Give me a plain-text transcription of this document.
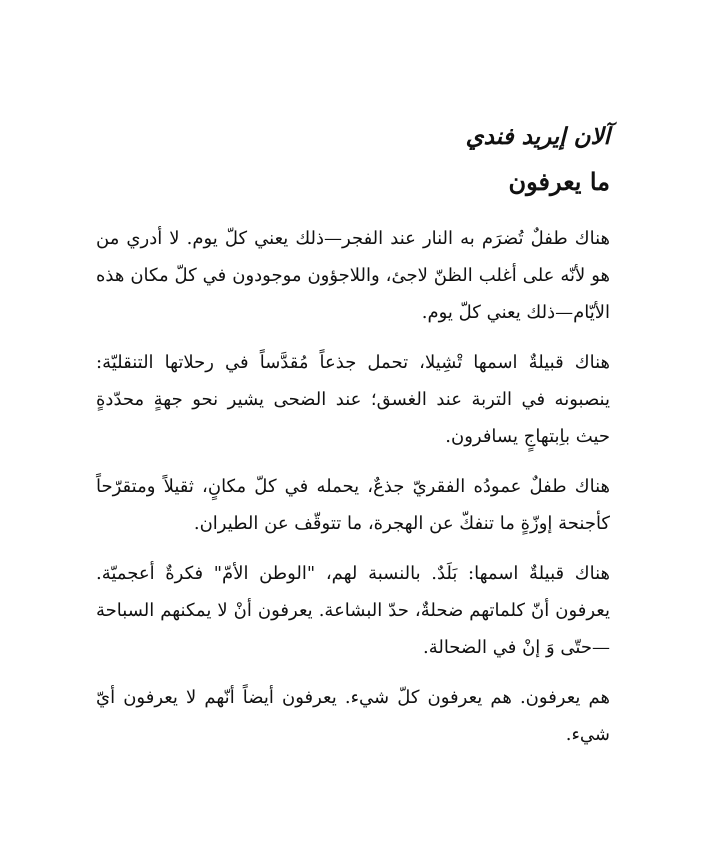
آلان إيريد فندي
ما يعرفون

هناك طفلٌ تُضرَم به النار عند الفجر—ذلك يعني كلّ يوم. لا أدري من هو لأنّه على أغلب الظنّ لاجئ، واللاجؤون موجودون في كلّ مكان هذه الأيّام—ذلك يعني كلّ يوم.

هناك قبيلةٌ اسمها تْشِيلا، تحمل جذعاً مُقدَّساً في رحلاتها التنقليّة: ينصبونه في التربة عند الغسق؛ عند الضحى يشير نحو جهةٍ محدّدةٍ حيث باِبتهاجٍ يسافرون.

هناك طفلٌ عمودُه الفقريّ جذعٌ، يحمله في كلّ مكانٍ، ثقيلاً ومتقرّحاً كأجنحة إوزّةٍ ما تنفكّ عن الهجرة، ما تتوقّف عن الطيران.

هناك قبيلةٌ اسمها: بَلَدٌ. بالنسبة لهم، "الوطن الأمّ" فكرةٌ أعجميّة. يعرفون أنّ كلماتهم ضحلةٌ، حدّ البشاعة. يعرفون أنْ لا يمكنهم السباحة—حتّى وَ إنْ في الضحالة.

هم يعرفون. هم يعرفون كلّ شيء. يعرفون أيضاً أنّهم لا يعرفون أيّ شيء.
